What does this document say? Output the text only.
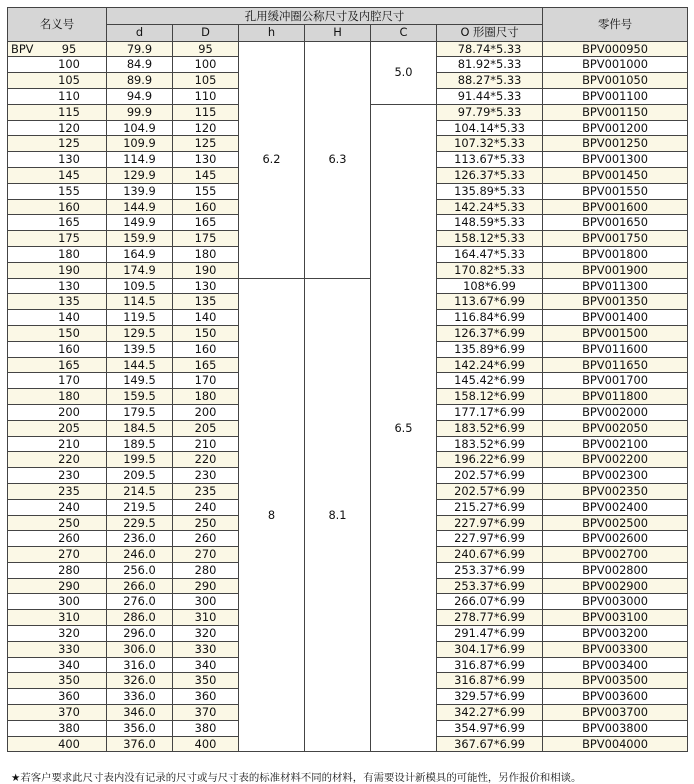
名义号	孔用缓冲圈公称尺寸及内腔尺寸						零件号
	d	D	h	H	C	O 形圈尺寸	
BPV 95	79.9	95	6.2	6.3	5.0	78.74*5.33	BPV000950
100	84.9	100				81.92*5.33	BPV001000
105	89.9	105				88.27*5.33	BPV001050
110	94.9	110				91.44*5.33	BPV001100
115	99.9	115			6.5	97.79*5.33	BPV001150
120	104.9	120				104.14*5.33	BPV001200
125	109.9	125				107.32*5.33	BPV001250
130	114.9	130				113.67*5.33	BPV001300
145	129.9	145				126.37*5.33	BPV001450
155	139.9	155				135.89*5.33	BPV001550
160	144.9	160				142.24*5.33	BPV001600
165	149.9	165				148.59*5.33	BPV001650
175	159.9	175				158.12*5.33	BPV001750
180	164.9	180				164.47*5.33	BPV001800
190	174.9	190				170.82*5.33	BPV001900
130	109.5	130	8	8.1		108*6.99	BPV011300
135	114.5	135				113.67*6.99	BPV001350
140	119.5	140				116.84*6.99	BPV001400
150	129.5	150				126.37*6.99	BPV001500
160	139.5	160				135.89*6.99	BPV011600
165	144.5	165				142.24*6.99	BPV011650
170	149.5	170				145.42*6.99	BPV001700
180	159.5	180				158.12*6.99	BPV011800
200	179.5	200				177.17*6.99	BPV002000
205	184.5	205				183.52*6.99	BPV002050
210	189.5	210				183.52*6.99	BPV002100
220	199.5	220				196.22*6.99	BPV002200
230	209.5	230				202.57*6.99	BPV002300
235	214.5	235				202.57*6.99	BPV002350
240	219.5	240				215.27*6.99	BPV002400
250	229.5	250				227.97*6.99	BPV002500
260	236.0	260				227.97*6.99	BPV002600
270	246.0	270				240.67*6.99	BPV002700
280	256.0	280				253.37*6.99	BPV002800
290	266.0	290				253.37*6.99	BPV002900
300	276.0	300				266.07*6.99	BPV003000
310	286.0	310				278.77*6.99	BPV003100
320	296.0	320				291.47*6.99	BPV003200
330	306.0	330				304.17*6.99	BPV003300
340	316.0	340				316.87*6.99	BPV003400
350	326.0	350				316.87*6.99	BPV003500
360	336.0	360				329.57*6.99	BPV003600
370	346.0	370				342.27*6.99	BPV003700
380	356.0	380				354.97*6.99	BPV003800
400	376.0	400				367.67*6.99	BPV004000
★若客户要求此尺寸表内没有记录的尺寸或与尺寸表的标准材料不同的材料，有需要设计新模具的可能性，另作报价和相谈。
